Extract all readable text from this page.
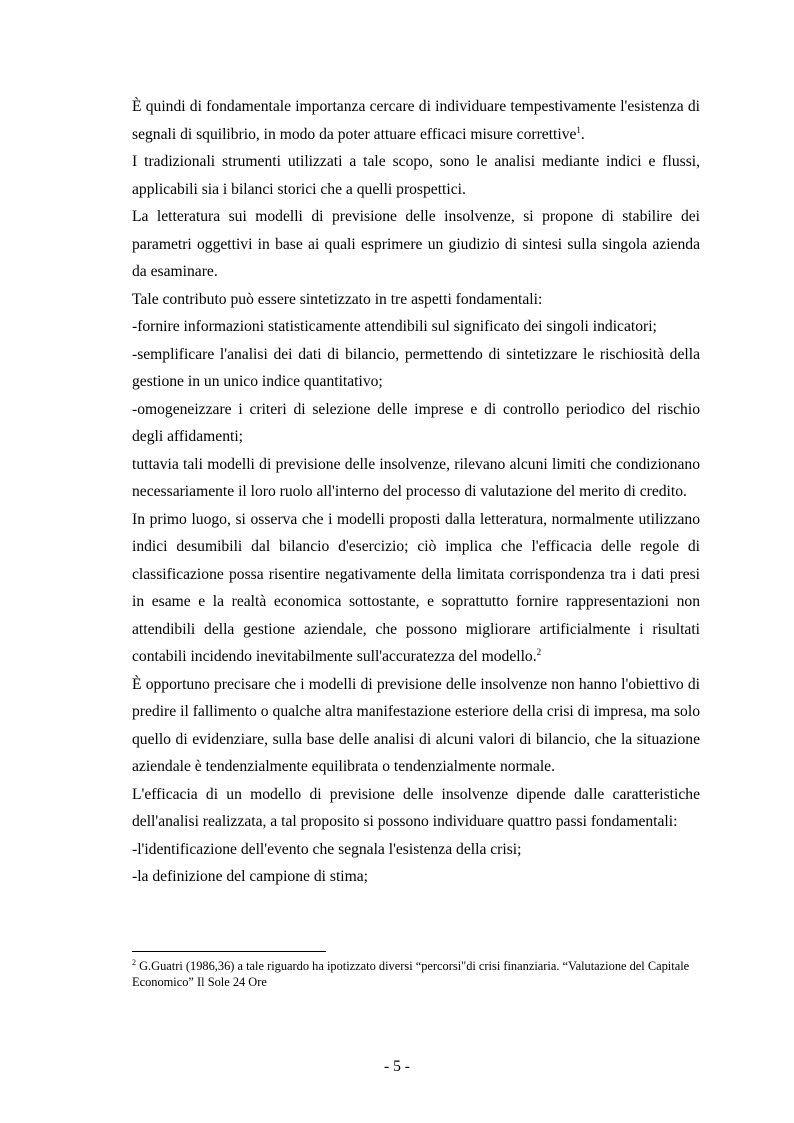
È quindi di fondamentale importanza cercare di individuare tempestivamente l'esistenza di segnali di squilibrio, in modo da poter attuare efficaci misure correttive$^1$.

I tradizionali strumenti utilizzati a tale scopo, sono le analisi mediante indici e flussi, applicabili sia i bilanci storici che a quelli prospettici.

La letteratura sui modelli di previsione delle insolvenze, si propone di stabilire dei parametri oggettivi in base ai quali esprimere un giudizio di sintesi sulla singola azienda da esaminare.

Tale contributo può essere sintetizzato in tre aspetti fondamentali:

-fornire informazioni statisticamente attendibili sul significato dei singoli indicatori;

-semplificare l'analisi dei dati di bilancio, permettendo di sintetizzare le rischiosità della gestione in un unico indice quantitativo;

-omogeneizzare i criteri di selezione delle imprese e di controllo periodico del rischio degli affidamenti;

tuttavia tali modelli di previsione delle insolvenze, rilevano alcuni limiti che condizionano necessariamente il loro ruolo all'interno del processo di valutazione del merito di credito.

In primo luogo, si osserva che i modelli proposti dalla letteratura, normalmente utilizzano indici desumibili dal bilancio d'esercizio; ciò implica che l'efficacia delle regole di classificazione possa risentire negativamente della limitata corrispondenza tra i dati presi in esame e la realtà economica sottostante, e soprattutto fornire rappresentazioni non attendibili della gestione aziendale, che possono migliorare artificialmente i risultati contabili incidendo inevitabilmente sull'accuratezza del modello.$^2$

È opportuno precisare che i modelli di previsione delle insolvenze non hanno l'obiettivo di predire il fallimento o qualche altra manifestazione esteriore della crisi di impresa, ma solo quello di evidenziare, sulla base delle analisi di alcuni valori di bilancio, che la situazione aziendale è tendenzialmente equilibrata o tendenzialmente normale.

L'efficacia di un modello di previsione delle insolvenze dipende dalle caratteristiche dell'analisi realizzata, a tal proposito si possono individuare quattro passi fondamentali:

-l'identificazione dell'evento che segnala l'esistenza della crisi;

-la definizione del campione di stima;

$^2$ G.Guatri (1986,36) a tale riguardo ha ipotizzato diversi “percorsi"di crisi finanziaria. “Valutazione del Capitale Economico” Il Sole 24 Ore
- 5 -
